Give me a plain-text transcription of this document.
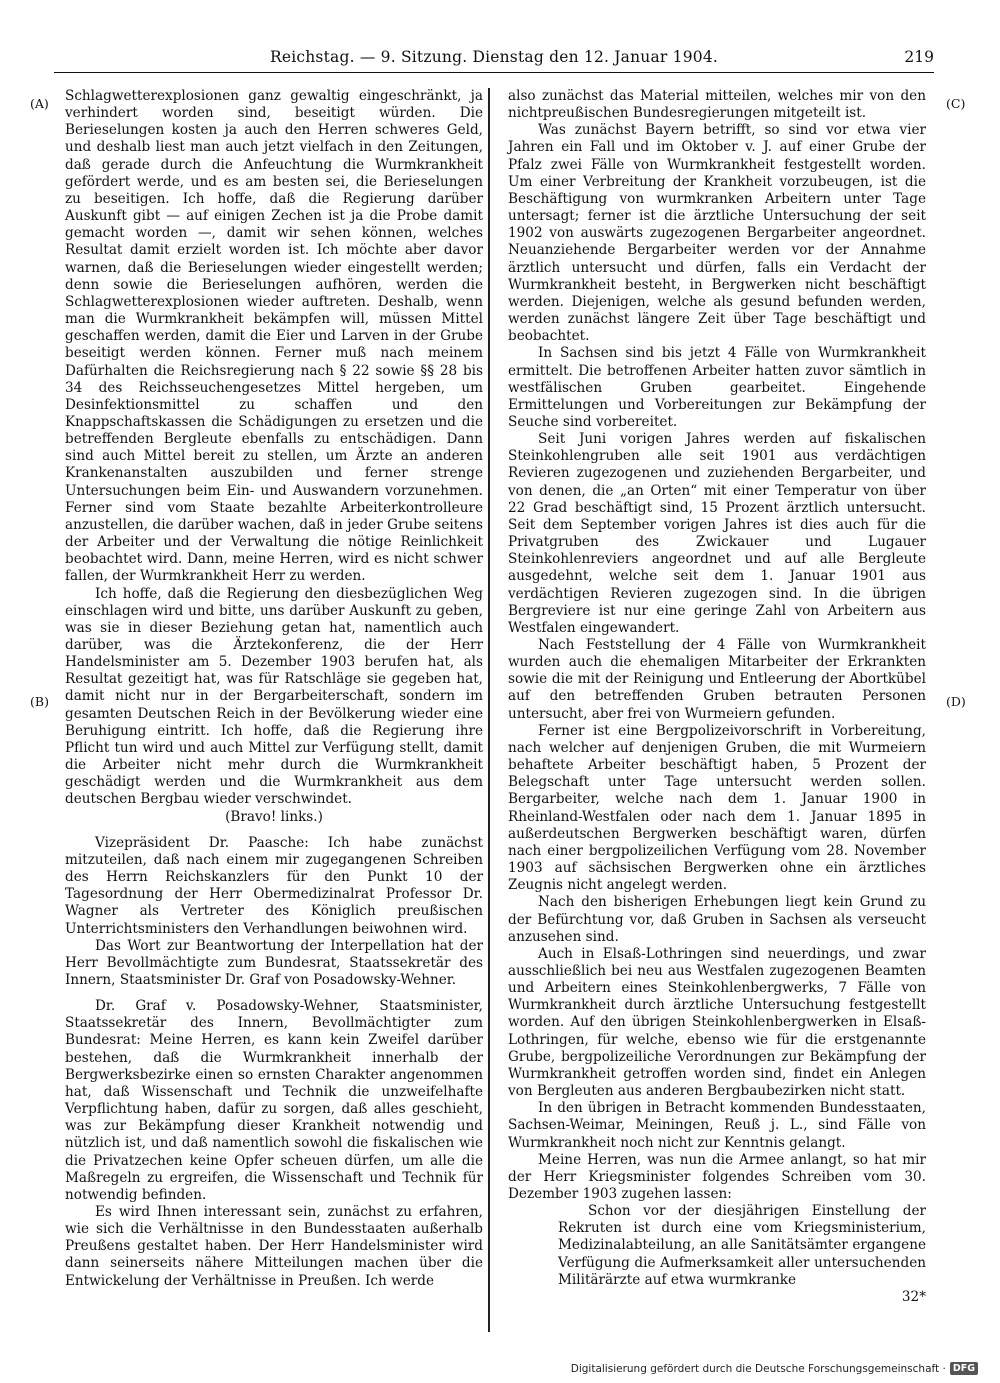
Reichstag. — 9. Sitzung. Dienstag den 12. Januar 1904.	219
(A)
(B)
(C)
(D)

Schlagwetterexplosionen ganz gewaltig eingeschränkt, ja verhindert worden sind, beseitigt würden. Die Berieselungen kosten ja auch den Herren schweres Geld, und deshalb liest man auch jetzt vielfach in den Zeitungen, daß gerade durch die Anfeuchtung die Wurmkrankheit gefördert werde, und es am besten sei, die Berieselungen zu beseitigen. Ich hoffe, daß die Regierung darüber Auskunft gibt — auf einigen Zechen ist ja die Probe damit gemacht worden —, damit wir sehen können, welches Resultat damit erzielt worden ist. Ich möchte aber davor warnen, daß die Berieselungen wieder eingestellt werden; denn sowie die Berieselungen aufhören, werden die Schlagwetterexplosionen wieder auftreten. Deshalb, wenn man die Wurmkrankheit bekämpfen will, müssen Mittel geschaffen werden, damit die Eier und Larven in der Grube beseitigt werden können. Ferner muß nach meinem Dafürhalten die Reichsregierung nach § 22 sowie §§ 28 bis 34 des Reichsseuchengesetzes Mittel hergeben, um Desinfektionsmittel zu schaffen und den Knappschaftskassen die Schädigungen zu ersetzen und die betreffenden Bergleute ebenfalls zu entschädigen. Dann sind auch Mittel bereit zu stellen, um Ärzte an anderen Krankenanstalten auszubilden und ferner strenge Untersuchungen beim Ein- und Auswandern vorzunehmen. Ferner sind vom Staate bezahlte Arbeiterkontrolleure anzustellen, die darüber wachen, daß in jeder Grube seitens der Arbeiter und der Verwaltung die nötige Reinlichkeit beobachtet wird. Dann, meine Herren, wird es nicht schwer fallen, der Wurmkrankheit Herr zu werden.

Ich hoffe, daß die Regierung den diesbezüglichen Weg einschlagen wird und bitte, uns darüber Auskunft zu geben, was sie in dieser Beziehung getan hat, namentlich auch darüber, was die Ärztekonferenz, die der Herr Handelsminister am 5. Dezember 1903 berufen hat, als Resultat gezeitigt hat, was für Ratschläge sie gegeben hat, damit nicht nur in der Bergarbeiterschaft, sondern im gesamten Deutschen Reich in der Bevölkerung wieder eine Beruhigung eintritt. Ich hoffe, daß die Regierung ihre Pflicht tun wird und auch Mittel zur Verfügung stellt, damit die Arbeiter nicht mehr durch die Wurmkrankheit geschädigt werden und die Wurmkrankheit aus dem deutschen Bergbau wieder verschwindet.

(Bravo! links.)

Vizepräsident Dr. Paasche: Ich habe zunächst mitzuteilen, daß nach einem mir zugegangenen Schreiben des Herrn Reichskanzlers für den Punkt 10 der Tagesordnung der Herr Obermedizinalrat Professor Dr. Wagner als Vertreter des Königlich preußischen Unterrichtsministers den Verhandlungen beiwohnen wird.

Das Wort zur Beantwortung der Interpellation hat der Herr Bevollmächtigte zum Bundesrat, Staatssekretär des Innern, Staatsminister Dr. Graf von Posadowsky-Wehner.

Dr. Graf v. Posadowsky-Wehner, Staatsminister, Staatssekretär des Innern, Bevollmächtigter zum Bundesrat: Meine Herren, es kann kein Zweifel darüber bestehen, daß die Wurmkrankheit innerhalb der Bergwerksbezirke einen so ernsten Charakter angenommen hat, daß Wissenschaft und Technik die unzweifelhafte Verpflichtung haben, dafür zu sorgen, daß alles geschieht, was zur Bekämpfung dieser Krankheit notwendig und nützlich ist, und daß namentlich sowohl die fiskalischen wie die Privatzechen keine Opfer scheuen dürfen, um alle die Maßregeln zu ergreifen, die Wissenschaft und Technik für notwendig befinden.

Es wird Ihnen interessant sein, zunächst zu erfahren, wie sich die Verhältnisse in den Bundesstaaten außerhalb Preußens gestaltet haben. Der Herr Handelsminister wird dann seinerseits nähere Mitteilungen machen über die Entwickelung der Verhältnisse in Preußen. Ich werde

also zunächst das Material mitteilen, welches mir von den nichtpreußischen Bundesregierungen mitgeteilt ist.

Was zunächst Bayern betrifft, so sind vor etwa vier Jahren ein Fall und im Oktober v. J. auf einer Grube der Pfalz zwei Fälle von Wurmkrankheit festgestellt worden. Um einer Verbreitung der Krankheit vorzubeugen, ist die Beschäftigung von wurmkranken Arbeitern unter Tage untersagt; ferner ist die ärztliche Untersuchung der seit 1902 von auswärts zugezogenen Bergarbeiter angeordnet. Neuanziehende Bergarbeiter werden vor der Annahme ärztlich untersucht und dürfen, falls ein Verdacht der Wurmkrankheit besteht, in Bergwerken nicht beschäftigt werden. Diejenigen, welche als gesund befunden werden, werden zunächst längere Zeit über Tage beschäftigt und beobachtet.

In Sachsen sind bis jetzt 4 Fälle von Wurmkrankheit ermittelt. Die betroffenen Arbeiter hatten zuvor sämtlich in westfälischen Gruben gearbeitet. Eingehende Ermittelungen und Vorbereitungen zur Bekämpfung der Seuche sind vorbereitet.

Seit Juni vorigen Jahres werden auf fiskalischen Steinkohlengruben alle seit 1901 aus verdächtigen Revieren zugezogenen und zuziehenden Bergarbeiter, und von denen, die „an Orten“ mit einer Temperatur von über 22 Grad beschäftigt sind, 15 Prozent ärztlich untersucht. Seit dem September vorigen Jahres ist dies auch für die Privatgruben des Zwickauer und Lugauer Steinkohlenreviers angeordnet und auf alle Bergleute ausgedehnt, welche seit dem 1. Januar 1901 aus verdächtigen Revieren zugezogen sind. In die übrigen Bergreviere ist nur eine geringe Zahl von Arbeitern aus Westfalen eingewandert.

Nach Feststellung der 4 Fälle von Wurmkrankheit wurden auch die ehemaligen Mitarbeiter der Erkrankten sowie die mit der Reinigung und Entleerung der Abortkübel auf den betreffenden Gruben betrauten Personen untersucht, aber frei von Wurmeiern gefunden.

Ferner ist eine Bergpolizeivorschrift in Vorbereitung, nach welcher auf denjenigen Gruben, die mit Wurmeiern behaftete Arbeiter beschäftigt haben, 5 Prozent der Belegschaft unter Tage untersucht werden sollen. Bergarbeiter, welche nach dem 1. Januar 1900 in Rheinland-Westfalen oder nach dem 1. Januar 1895 in außerdeutschen Bergwerken beschäftigt waren, dürfen nach einer bergpolizeilichen Verfügung vom 28. November 1903 auf sächsischen Bergwerken ohne ein ärztliches Zeugnis nicht angelegt werden.

Nach den bisherigen Erhebungen liegt kein Grund zu der Befürchtung vor, daß Gruben in Sachsen als verseucht anzusehen sind.

Auch in Elsaß-Lothringen sind neuerdings, und zwar ausschließlich bei neu aus Westfalen zugezogenen Beamten und Arbeitern eines Steinkohlenbergwerks, 7 Fälle von Wurmkrankheit durch ärztliche Untersuchung festgestellt worden. Auf den übrigen Steinkohlenbergwerken in Elsaß-Lothringen, für welche, ebenso wie für die erstgenannte Grube, bergpolizeiliche Verordnungen zur Bekämpfung der Wurmkrankheit getroffen worden sind, findet ein Anlegen von Bergleuten aus anderen Bergbaubezirken nicht statt.

In den übrigen in Betracht kommenden Bundesstaaten, Sachsen-Weimar, Meiningen, Reuß j. L., sind Fälle von Wurmkrankheit noch nicht zur Kenntnis gelangt.

Meine Herren, was nun die Armee anlangt, so hat mir der Herr Kriegsminister folgendes Schreiben vom 30. Dezember 1903 zugehen lassen:

Schon vor der diesjährigen Einstellung der Rekruten ist durch eine vom Kriegsministerium, Medizinalabteilung, an alle Sanitätsämter ergangene Verfügung die Aufmerksamkeit aller untersuchenden Militärärzte auf etwa wurmkranke

32*

Digitalisierung gefördert durch die Deutsche Forschungsgemeinschaft · DFG
